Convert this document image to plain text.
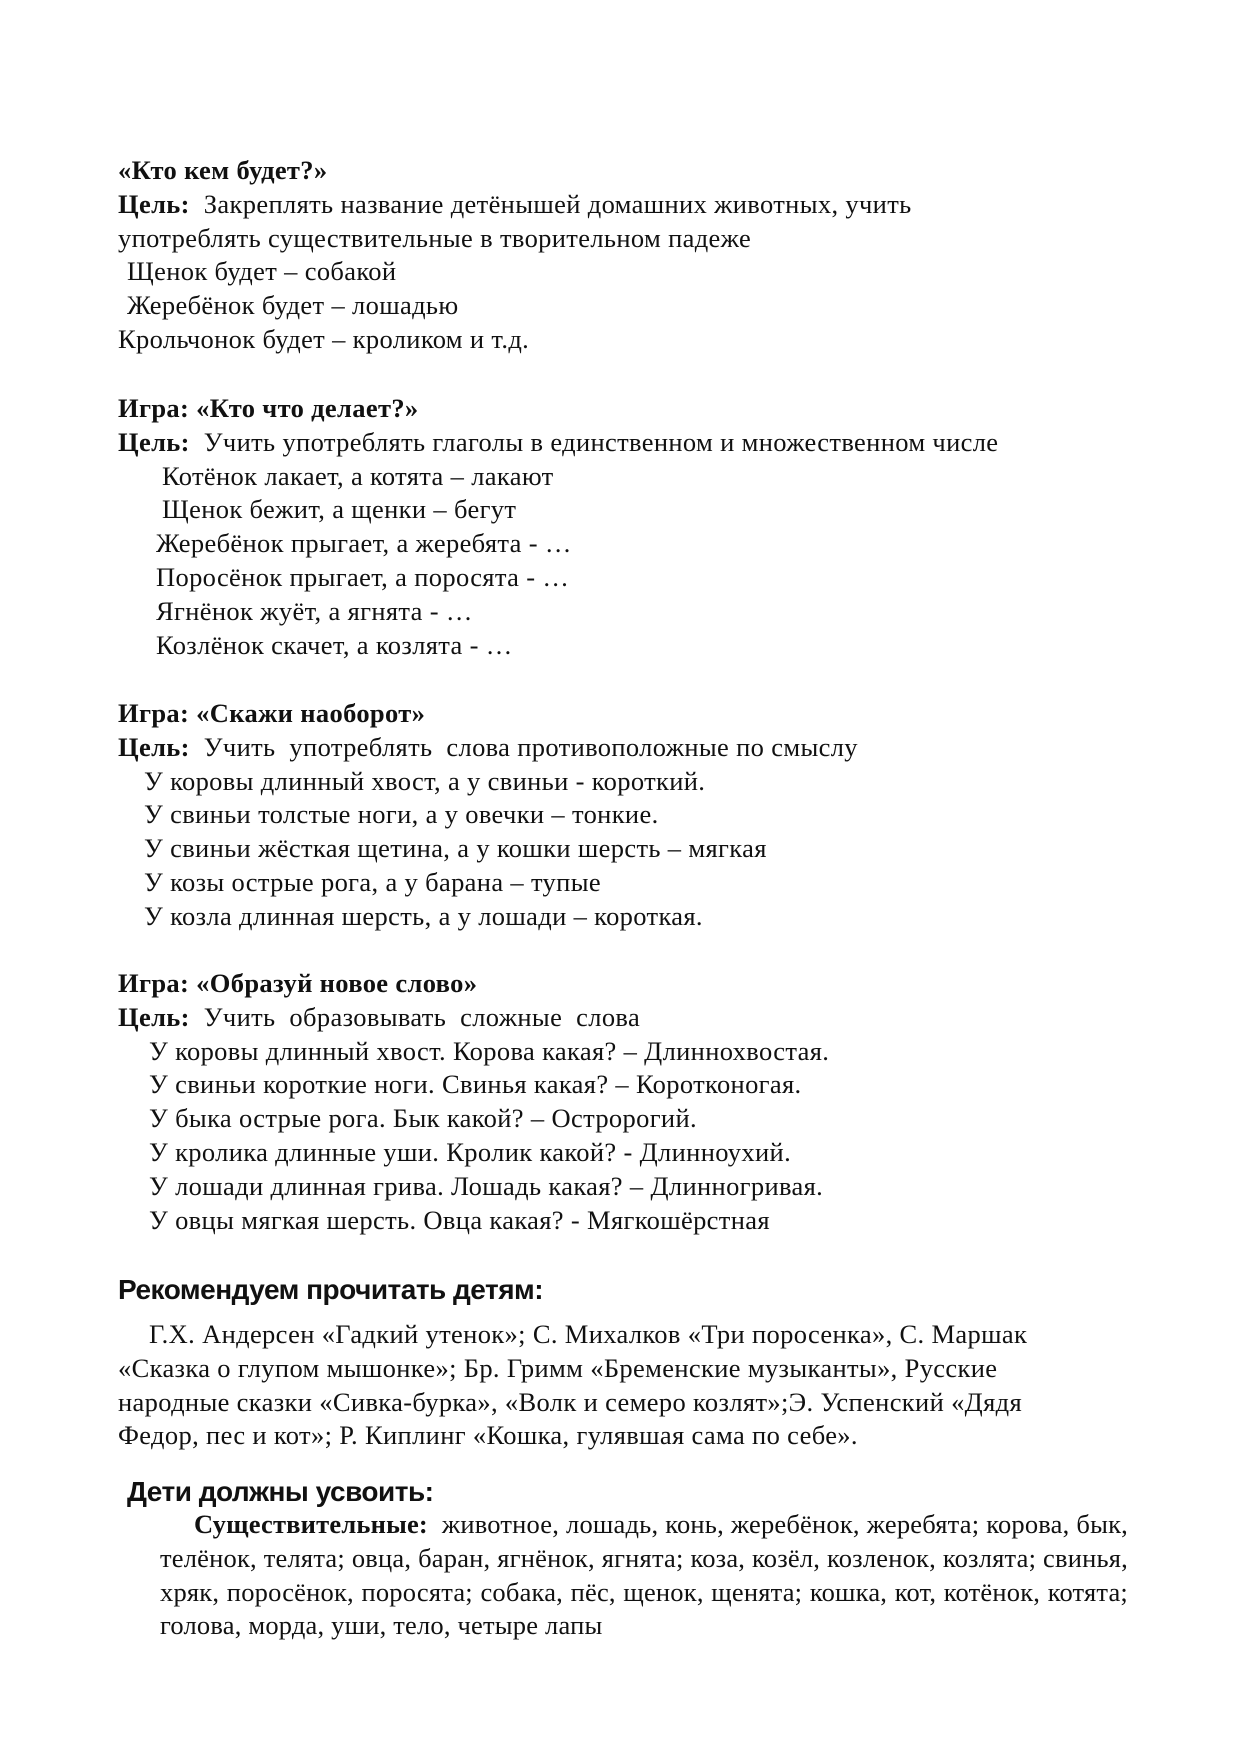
«Кто кем будет?»
Цель:  Закреплять название детёнышей домашних животных, учить
употреблять существительные в творительном падеже
Щенок будет – собакой
Жеребёнок будет – лошадью
Крольчонок будет – кроликом и т.д.
Игра: «Кто что делает?»
Цель:  Учить употреблять глаголы в единственном и множественном числе
Котёнок лакает, а котята – лакают
Щенок бежит, а щенки – бегут
Жеребёнок прыгает, а жеребята - …
Поросёнок прыгает, а поросята - …
Ягнёнок жуёт, а ягнята - …
Козлёнок скачет, а козлята - …
Игра: «Скажи наоборот»
Цель:  Учить  употреблять  слова противоположные по смыслу
У коровы длинный хвост, а у свиньи - короткий.
У свиньи толстые ноги, а у овечки – тонкие.
У свиньи жёсткая щетина, а у кошки шерсть – мягкая
У козы острые рога, а у барана – тупые
У козла длинная шерсть, а у лошади – короткая.
Игра: «Образуй новое слово»
Цель:  Учить  образовывать  сложные  слова
У коровы длинный хвост. Корова какая? – Длиннохвостая.
У свиньи короткие ноги. Свинья какая? – Коротконогая.
У быка острые рога. Бык какой? – Остророгий.
У кролика длинные уши. Кролик какой? - Длинноухий.
У лошади длинная грива. Лошадь какая? – Длинногривая.
У овцы мягкая шерсть. Овца какая? - Мягкошёрстная
Рекомендуем прочитать детям:
Г.Х. Андерсен «Гадкий утенок»; С. Михалков «Три поросенка», С. Маршак «Сказка о глупом мышонке»; Бр. Гримм «Бременские музыканты», Русские народные сказки «Сивка-бурка», «Волк и семеро козлят»;Э. Успенский «Дядя Федор, пес и кот»; Р. Киплинг «Кошка, гулявшая сама по себе».
Дети должны усвоить:
Существительные:  животное, лошадь, конь, жеребёнок, жеребята; корова, бык, телёнок, телята; овца, баран, ягнёнок, ягнята; коза, козёл, козленок, козлята; свинья, хряк, поросёнок, поросята; собака, пёс, щенок, щенята; кошка, кот, котёнок, котята; голова, морда, уши, тело, четыре лапы
